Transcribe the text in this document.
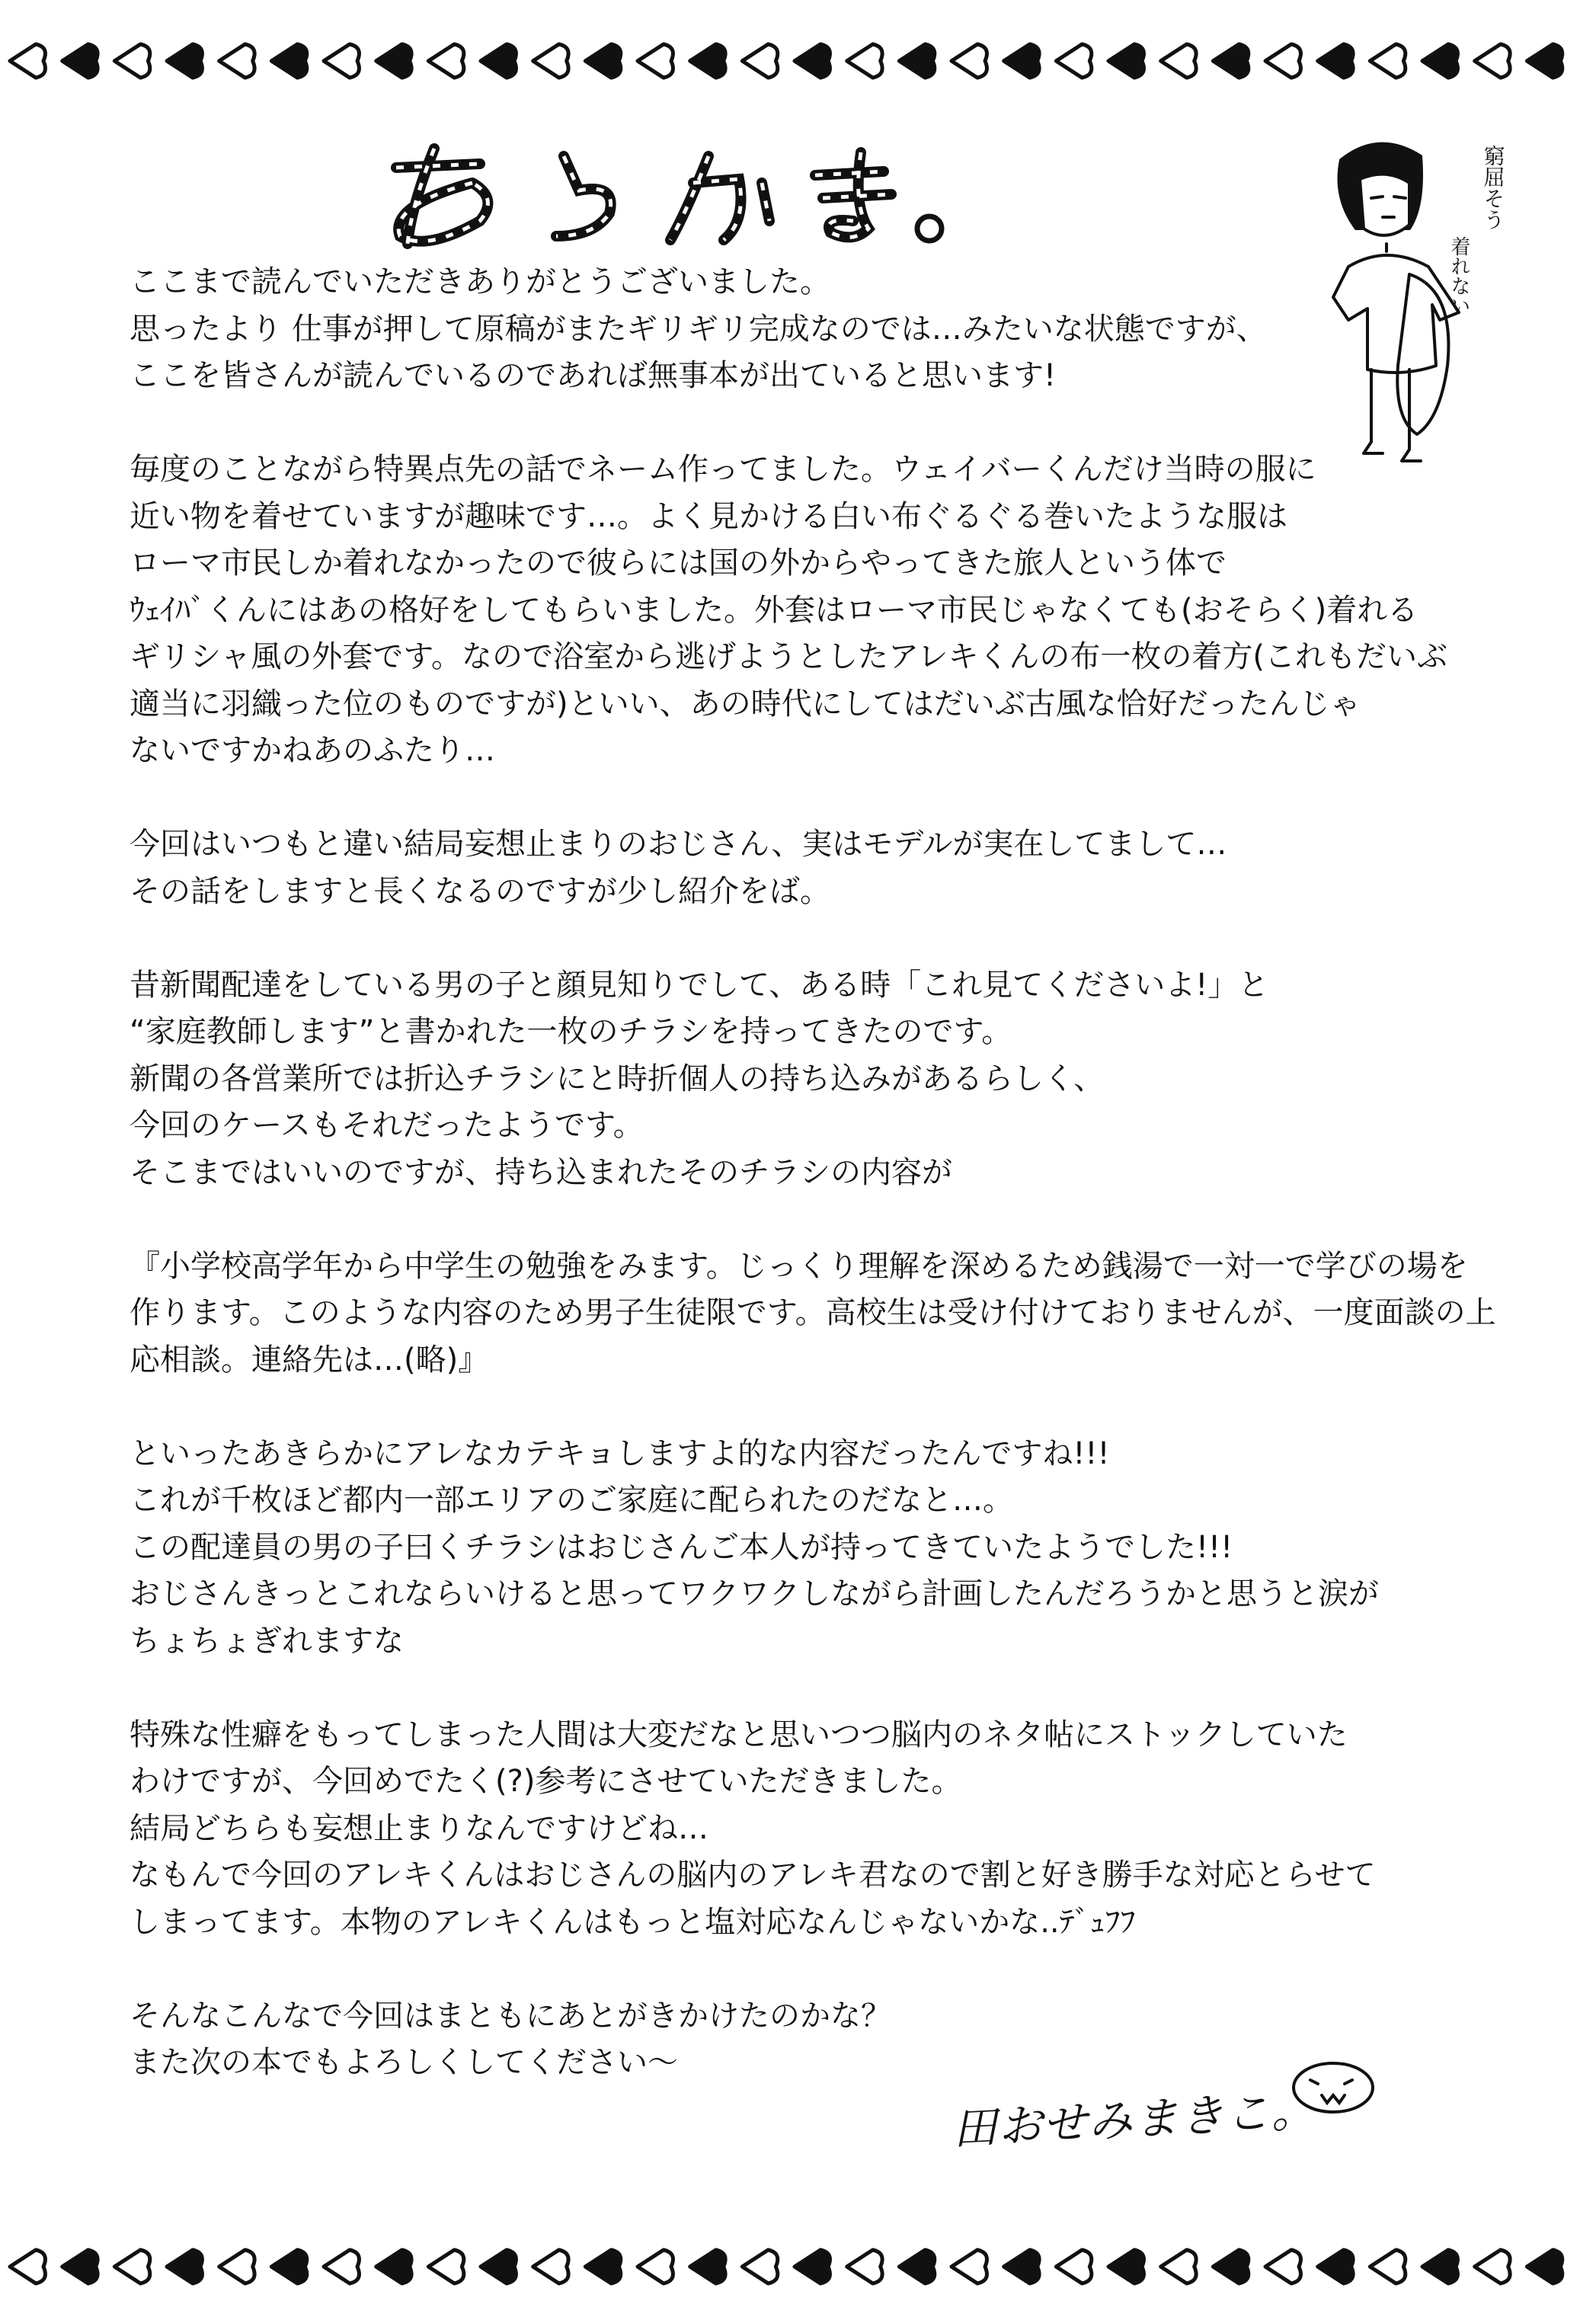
あとがき。
窮屈そう
着れない
ここまで読んでいただきありがとうございました。
思ったより 仕事が押して原稿がまたギリギリ完成なのでは…みたいな状態ですが、
ここを皆さんが読んでいるのであれば無事本が出ていると思います!
毎度のことながら特異点先の話でネーム作ってました。ウェイバーくんだけ当時の服に
近い物を着せていますが趣味です…。よく見かける白い布ぐるぐる巻いたような服は
ローマ市民しか着れなかったので彼らには国の外からやってきた旅人という体で
ｳｪｲﾊﾞくんにはあの格好をしてもらいました。外套はローマ市民じゃなくても(おそらく)着れる
ギリシャ風の外套です。なので浴室から逃げようとしたアレキくんの布一枚の着方(これもだいぶ
適当に羽織った位のものですが)といい、あの時代にしてはだいぶ古風な恰好だったんじゃ
ないですかねあのふたり…
今回はいつもと違い結局妄想止まりのおじさん、実はモデルが実在してまして…
その話をしますと長くなるのですが少し紹介をば。
昔新聞配達をしている男の子と顔見知りでして、ある時「これ見てくださいよ!」と
“家庭教師します”と書かれた一枚のチラシを持ってきたのです。
新聞の各営業所では折込チラシにと時折個人の持ち込みがあるらしく、
今回のケースもそれだったようです。
そこまではいいのですが、持ち込まれたそのチラシの内容が
『小学校高学年から中学生の勉強をみます。じっくり理解を深めるため銭湯で一対一で学びの場を
作ります。このような内容のため男子生徒限です。高校生は受け付けておりませんが、一度面談の上
応相談。連絡先は…(略)』
といったあきらかにアレなカテキョしますよ的な内容だったんですね!!!
これが千枚ほど都内一部エリアのご家庭に配られたのだなと…。
この配達員の男の子曰くチラシはおじさんご本人が持ってきていたようでした!!!
おじさんきっとこれならいけると思ってワクワクしながら計画したんだろうかと思うと涙が
ちょちょぎれますな
特殊な性癖をもってしまった人間は大変だなと思いつつ脳内のネタ帖にストックしていた
わけですが、今回めでたく(?)参考にさせていただきました。
結局どちらも妄想止まりなんですけどね…
なもんで今回のアレキくんはおじさんの脳内のアレキ君なので割と好き勝手な対応とらせて
しまってます。本物のアレキくんはもっと塩対応なんじゃないかな..ﾃﾞｭﾌﾌ
そんなこんなで今回はまともにあとがきかけたのかな？
また次の本でもよろしくしてください～
田おせみまきこ。
